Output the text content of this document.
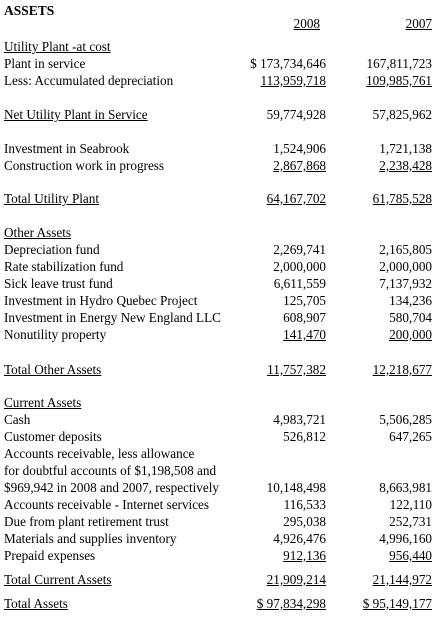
ASSETS
2008	2007
Utility Plant -at cost
Plant in service	$ 173,734,646	167,811,723
Less: Accumulated depreciation	113,959,718	109,985,761
Net Utility Plant in Service	59,774,928	57,825,962
Investment in Seabrook	1,524,906	1,721,138
Construction work in progress	2,867,868	2,238,428
Total Utility Plant	64,167,702	61,785,528
Other Assets
Depreciation fund	2,269,741	2,165,805
Rate stabilization fund	2,000,000	2,000,000
Sick leave trust fund	6,611,559	7,137,932
Investment in Hydro Quebec Project	125,705	134,236
Investment in Energy New England LLC	608,907	580,704
Nonutility property	141,470	200,000
Total Other Assets	11,757,382	12,218,677
Current Assets
Cash	4,983,721	5,506,285
Customer deposits	526,812	647,265
Accounts receivable, less allowance
for doubtful accounts of $1,198,508 and
$969,942 in 2008 and 2007, respectively	10,148,498	8,663,981
Accounts receivable - Internet services	116,533	122,110
Due from plant retirement trust	295,038	252,731
Materials and supplies inventory	4,926,476	4,996,160
Prepaid expenses	912,136	956,440
Total Current Assets	21,909,214	21,144,972
Total Assets	$ 97,834,298	$ 95,149,177
